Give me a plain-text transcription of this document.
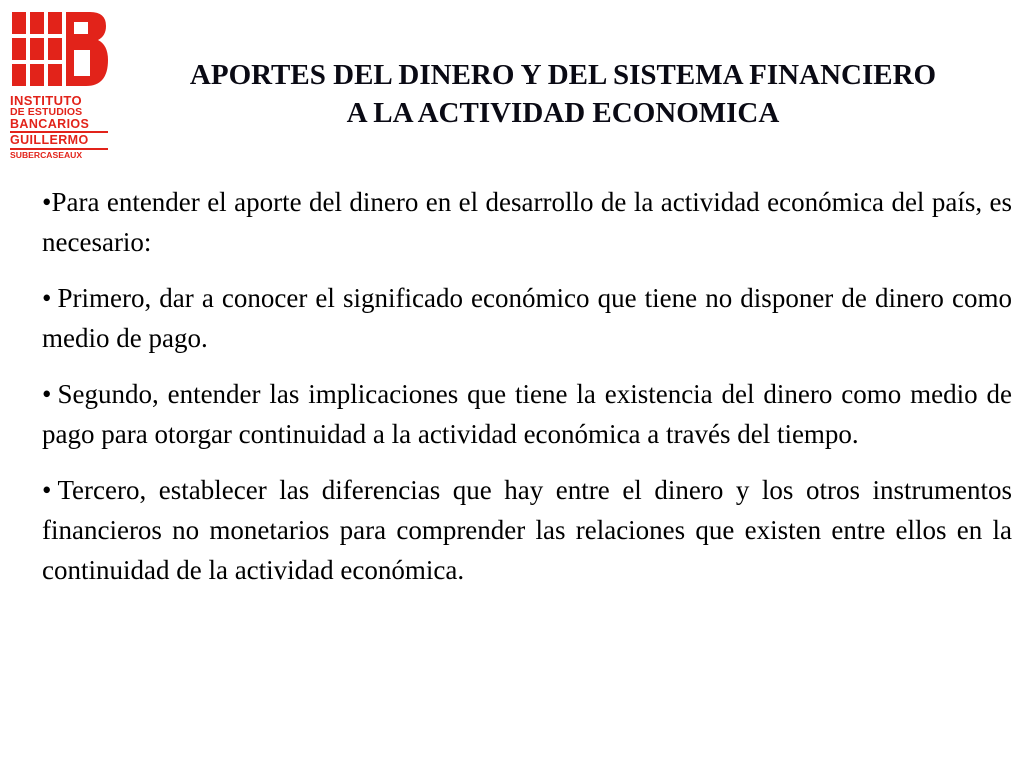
INSTITUTO
DE ESTUDIOS
BANCARIOS
GUILLERMO
SUBERCASEAUX
APORTES DEL DINERO Y DEL SISTEMA FINANCIERO
A LA ACTIVIDAD ECONOMICA

•Para entender el aporte del dinero en el desarrollo de la actividad económica del país, es necesario:

• Primero, dar a conocer el significado económico que tiene no disponer de dinero como medio de pago.

• Segundo, entender las implicaciones que tiene la existencia del dinero como medio de pago para otorgar continuidad a la actividad económica a través del tiempo.

• Tercero, establecer las diferencias que hay entre el dinero y los otros instrumentos financieros no monetarios para comprender las relaciones que existen entre ellos en la continuidad de la actividad económica.
